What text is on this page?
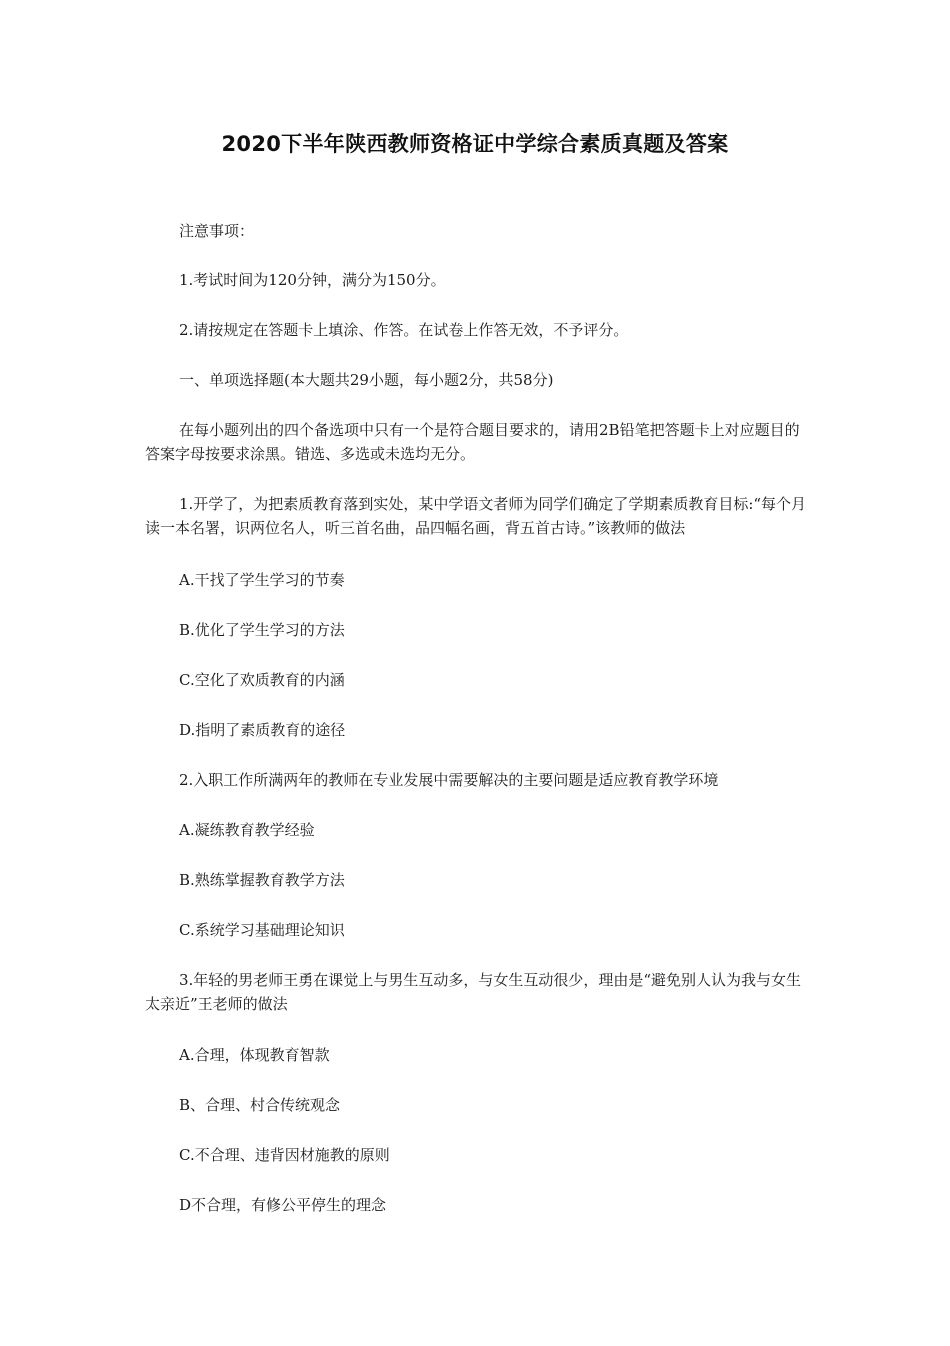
2020下半年陕西教师资格证中学综合素质真题及答案
注意事项：
1.考试时间为120分钟，满分为150分。
2.请按规定在答题卡上填涂、作答。在试卷上作答无效，不予评分。
一、单项选择题(本大题共29小题，每小题2分，共58分)
在每小题列出的四个备选项中只有一个是符合题目要求的，请用2B铅笔把答题卡上对应题目的答案字母按要求涂黑。错选、多选或未选均无分。
1.开学了，为把素质教育落到实处，某中学语文者师为同学们确定了学期素质教育目标:“每个月读一本名署，识两位名人，听三首名曲，品四幅名画，背五首古诗。”该教师的做法
A.干找了学生学习的节奏
B.优化了学生学习的方法
C.空化了欢质教育的内涵
D.指明了素质教育的途径
2.入职工作所满两年的教师在专业发展中需要解决的主要问题是适应教育教学环境
A.凝练教育教学经验
B.熟练掌握教育教学方法
C.系统学习基础理论知识
3.年轻的男老师王勇在课觉上与男生互动多，与女生互动很少，理由是“避免别人认为我与女生太亲近”王老师的做法
A.合理，体现教育智款
B、合理、村合传统观念
C.不合理、违背因材施教的原则
D不合理，有修公平停生的理念
